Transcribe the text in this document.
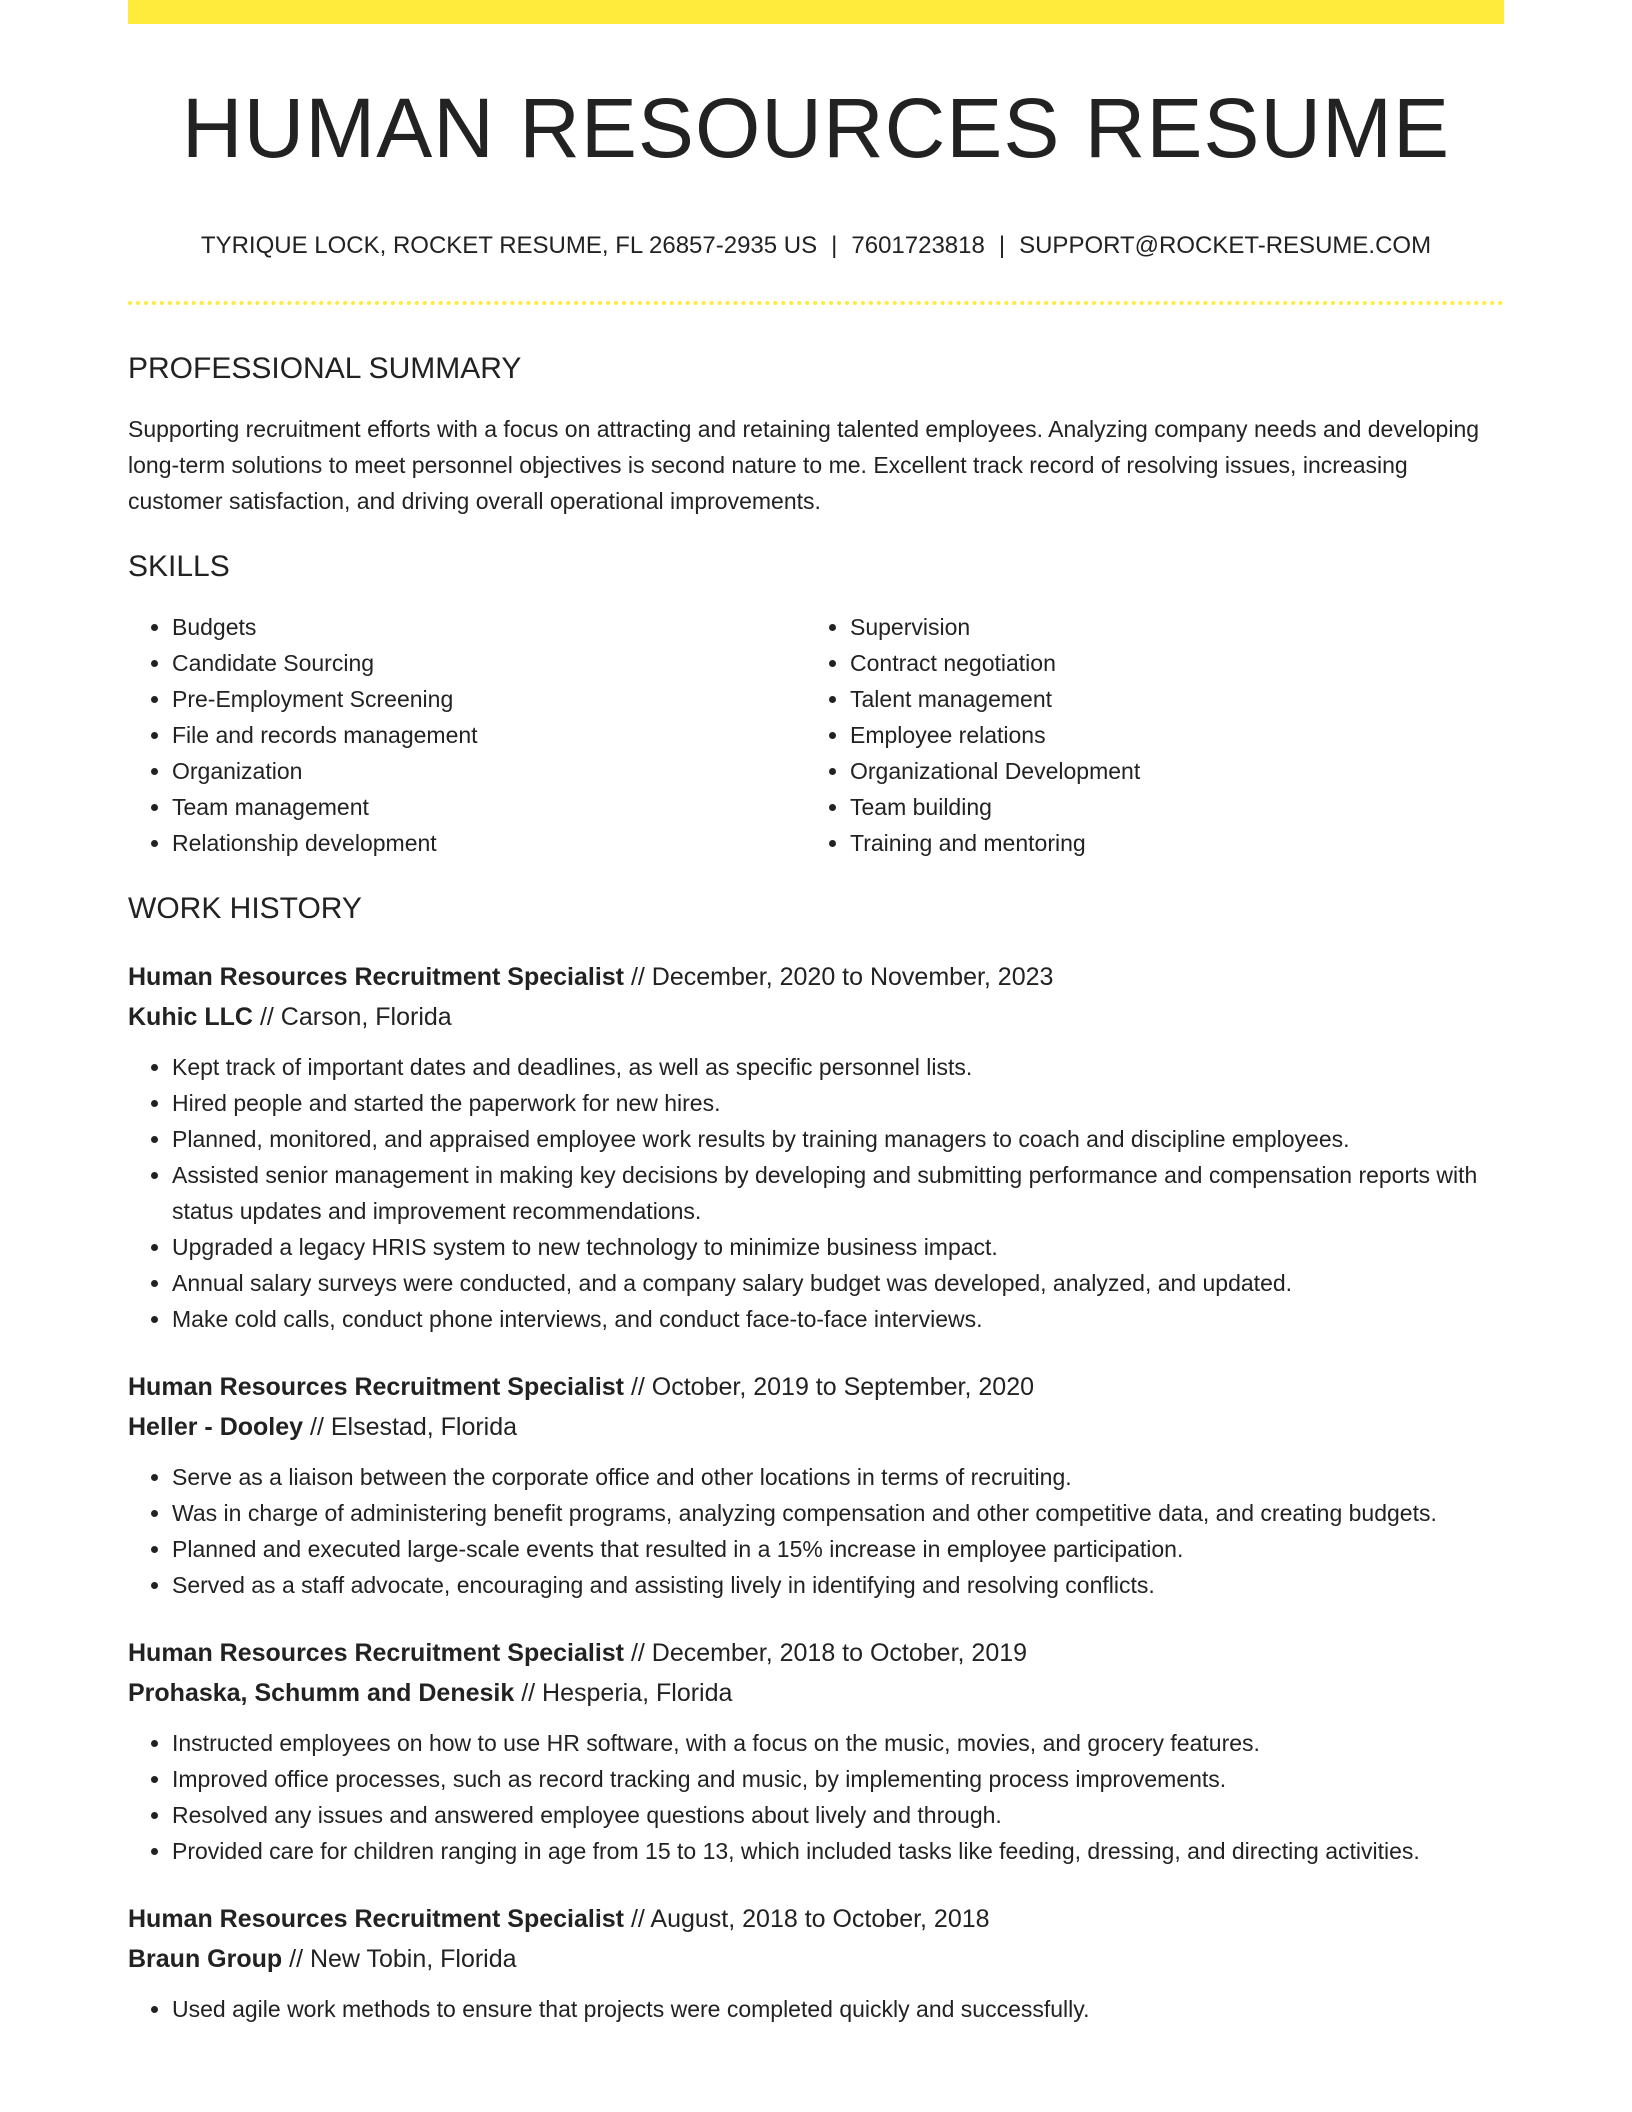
HUMAN RESOURCES RESUME
TYRIQUE LOCK, ROCKET RESUME, FL 26857-2935 US | 7601723818 | SUPPORT@ROCKET-RESUME.COM
PROFESSIONAL SUMMARY
Supporting recruitment efforts with a focus on attracting and retaining talented employees. Analyzing company needs and developing long-term solutions to meet personnel objectives is second nature to me. Excellent track record of resolving issues, increasing customer satisfaction, and driving overall operational improvements.
SKILLS
• Budgets
• Candidate Sourcing
• Pre-Employment Screening
• File and records management
• Organization
• Team management
• Relationship development
• Supervision
• Contract negotiation
• Talent management
• Employee relations
• Organizational Development
• Team building
• Training and mentoring
WORK HISTORY
Human Resources Recruitment Specialist // December, 2020 to November, 2023
Kuhic LLC // Carson, Florida
• Kept track of important dates and deadlines, as well as specific personnel lists.
• Hired people and started the paperwork for new hires.
• Planned, monitored, and appraised employee work results by training managers to coach and discipline employees.
• Assisted senior management in making key decisions by developing and submitting performance and compensation reports with status updates and improvement recommendations.
• Upgraded a legacy HRIS system to new technology to minimize business impact.
• Annual salary surveys were conducted, and a company salary budget was developed, analyzed, and updated.
• Make cold calls, conduct phone interviews, and conduct face-to-face interviews.
Human Resources Recruitment Specialist // October, 2019 to September, 2020
Heller - Dooley // Elsestad, Florida
• Serve as a liaison between the corporate office and other locations in terms of recruiting.
• Was in charge of administering benefit programs, analyzing compensation and other competitive data, and creating budgets.
• Planned and executed large-scale events that resulted in a 15% increase in employee participation.
• Served as a staff advocate, encouraging and assisting lively in identifying and resolving conflicts.
Human Resources Recruitment Specialist // December, 2018 to October, 2019
Prohaska, Schumm and Denesik // Hesperia, Florida
• Instructed employees on how to use HR software, with a focus on the music, movies, and grocery features.
• Improved office processes, such as record tracking and music, by implementing process improvements.
• Resolved any issues and answered employee questions about lively and through.
• Provided care for children ranging in age from 15 to 13, which included tasks like feeding, dressing, and directing activities.
Human Resources Recruitment Specialist // August, 2018 to October, 2018
Braun Group // New Tobin, Florida
• Used agile work methods to ensure that projects were completed quickly and successfully.
